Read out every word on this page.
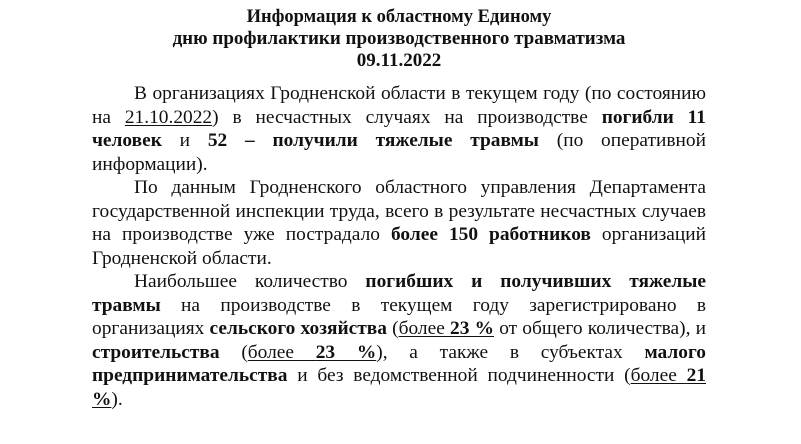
Информация к областному Единому
дню профилактики производственного травматизма
09.11.2022

В организациях Гродненской области в текущем году (по состоянию на 21.10.2022) в несчастных случаях на производстве погибли 11 человек и 52 – получили тяжелые травмы (по оперативной информации).

По данным Гродненского областного управления Департамента государственной инспекции труда, всего в результате несчастных случаев на производстве уже пострадало более 150 работников организаций Гродненской области.

Наибольшее количество погибших и получивших тяжелые травмы на производстве в текущем году зарегистрировано в организациях сельского хозяйства (более 23 % от общего количества), и строительства (более 23 %), а также в субъектах малого предпринимательства и без ведомственной подчиненности (более 21 %).
